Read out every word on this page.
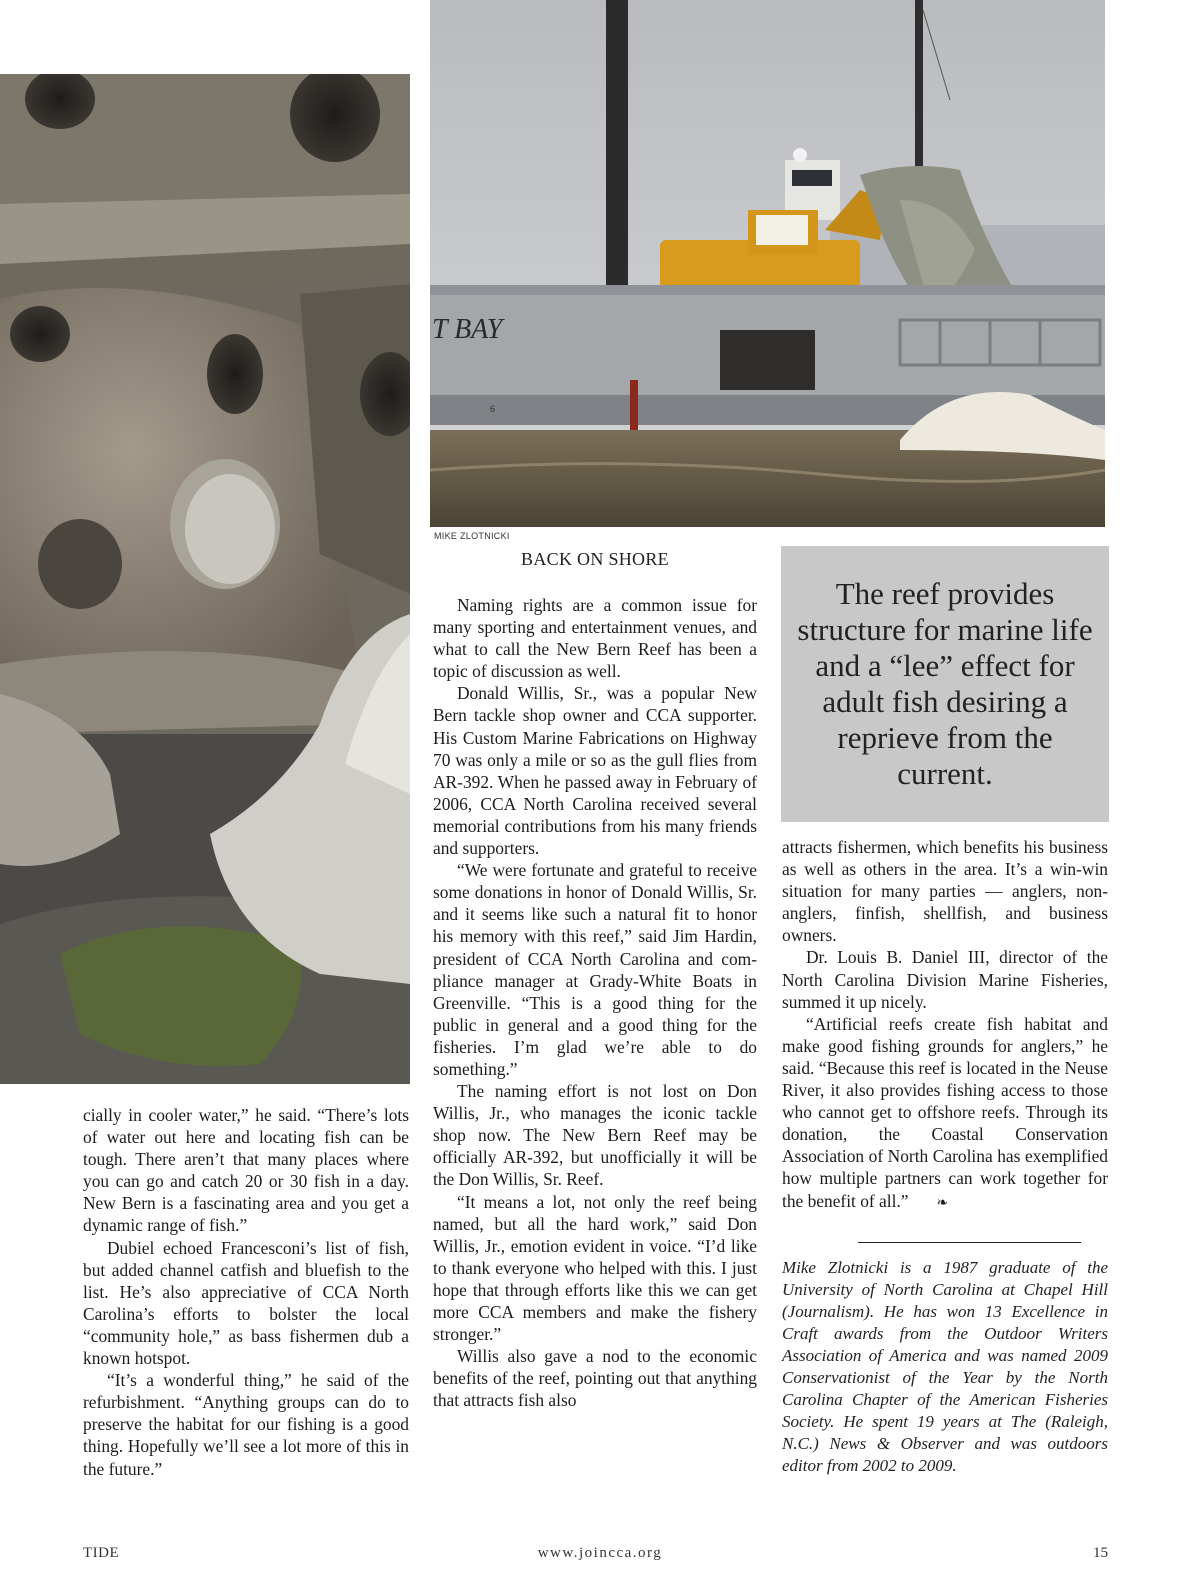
T BAY
6
MIKE ZLOTNICKI
BACK ON SHORE

The reef provides structure for marine life and a “lee” effect for adult fish desiring a reprieve from the current.

cially in cooler water,” he said. “There’s lots of water out here and locating fish can be tough. There aren’t that many places where you can go and catch 20 or 30 fish in a day. New Bern is a fascinating area and you get a dynamic range of fish.”

Dubiel echoed Francesconi’s list of fish, but added channel catfish and bluefish to the list. He’s also appreciative of CCA North Carolina’s efforts to bolster the local “community hole,” as bass fishermen dub a known hotspot.

“It’s a wonderful thing,” he said of the refurbishment. “Anything groups can do to preserve the habitat for our fishing is a good thing. Hopefully we’ll see a lot more of this in the future.”

Naming rights are a common issue for many sporting and entertainment venues, and what to call the New Bern Reef has been a topic of discussion as well.

Donald Willis, Sr., was a popular New Bern tackle shop owner and CCA supporter. His Custom Marine Fabrications on Highway 70 was only a mile or so as the gull flies from AR-392. When he passed away in February of 2006, CCA North Carolina received several memorial contributions from his many friends and supporters.

“We were fortunate and grateful to receive some donations in honor of Donald Willis, Sr. and it seems like such a natural fit to honor his memory with this reef,” said Jim Hardin, president of CCA North Carolina and compliance manager at Grady-White Boats in Greenville. “This is a good thing for the public in general and a good thing for the fisheries. I’m glad we’re able to do something.”

The naming effort is not lost on Don Willis, Jr., who manages the iconic tackle shop now. The New Bern Reef may be officially AR-392, but unofficially it will be the Don Willis, Sr. Reef.

“It means a lot, not only the reef being named, but all the hard work,” said Don Willis, Jr., emotion evident in voice. “I’d like to thank everyone who helped with this. I just hope that through efforts like this we can get more CCA members and make the fishery stronger.”

Willis also gave a nod to the economic benefits of the reef, pointing out that anything that attracts fish also

attracts fishermen, which benefits his business as well as others in the area. It’s a win-win situation for many parties — anglers, non-anglers, finfish, shellfish, and business owners.

Dr. Louis B. Daniel III, director of the North Carolina Division Marine Fisheries, summed it up nicely.

“Artificial reefs create fish habitat and make good fishing grounds for anglers,” he said. “Because this reef is located in the Neuse River, it also provides fishing access to those who cannot get to offshore reefs. Through its donation, the Coastal Conservation Association of North Carolina has exemplified how multiple partners can work together for the benefit of all.” ❧

Mike Zlotnicki is a 1987 graduate of the University of North Carolina at Chapel Hill (Journalism). He has won 13 Excellence in Craft awards from the Outdoor Writers Association of America and was named 2009 Conservationist of the Year by the North Carolina Chapter of the American Fisheries Society. He spent 19 years at The (Raleigh, N.C.) News & Observer and was outdoors editor from 2002 to 2009.

TIDE	www.joincca.org	15
